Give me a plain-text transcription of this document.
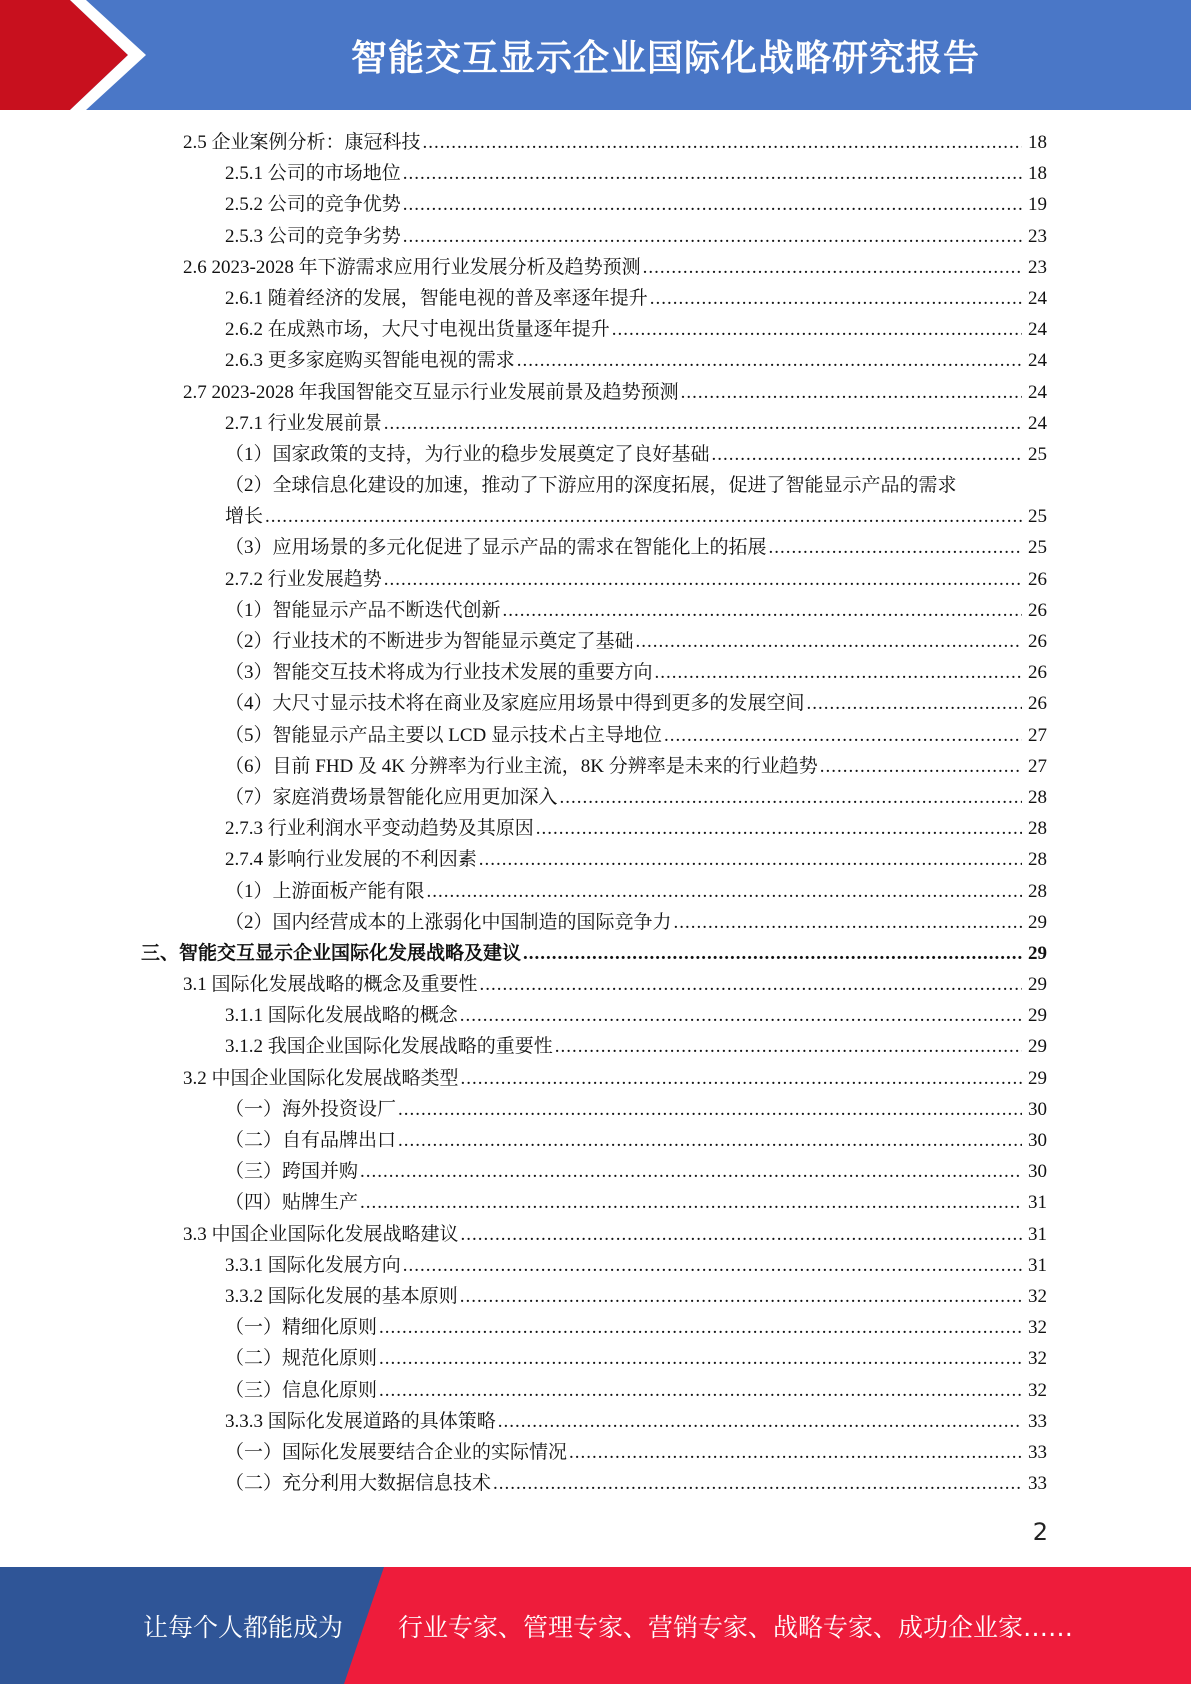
智能交互显示企业国际化战略研究报告
2.5 企业案例分析：康冠科技 .....	18
2.5.1 公司的市场地位 .....	18
2.5.2 公司的竞争优势 .....	19
2.5.3 公司的竞争劣势 .....	23
2.6 2023-2028 年下游需求应用行业发展分析及趋势预测 .....	23
2.6.1 随着经济的发展，智能电视的普及率逐年提升 .....	24
2.6.2 在成熟市场，大尺寸电视出货量逐年提升 .....	24
2.6.3 更多家庭购买智能电视的需求 .....	24
2.7 2023-2028 年我国智能交互显示行业发展前景及趋势预测 .....	24
2.7.1 行业发展前景 .....	24
（1）国家政策的支持，为行业的稳步发展奠定了良好基础 .....	25
（2）全球信息化建设的加速，推动了下游应用的深度拓展，促进了智能显示产品的需求
增长 .....	25
（3）应用场景的多元化促进了显示产品的需求在智能化上的拓展 .....	25
2.7.2 行业发展趋势 .....	26
（1）智能显示产品不断迭代创新 .....	26
（2）行业技术的不断进步为智能显示奠定了基础 .....	26
（3）智能交互技术将成为行业技术发展的重要方向 .....	26
（4）大尺寸显示技术将在商业及家庭应用场景中得到更多的发展空间 .....	26
（5）智能显示产品主要以 LCD 显示技术占主导地位 .....	27
（6）目前 FHD 及 4K 分辨率为行业主流，8K 分辨率是未来的行业趋势 .....	27
（7）家庭消费场景智能化应用更加深入 .....	28
2.7.3 行业利润水平变动趋势及其原因 .....	28
2.7.4 影响行业发展的不利因素 .....	28
（1）上游面板产能有限 .....	28
（2）国内经营成本的上涨弱化中国制造的国际竞争力 .....	29
三、智能交互显示企业国际化发展战略及建议 .....	29
3.1 国际化发展战略的概念及重要性 .....	29
3.1.1 国际化发展战略的概念 .....	29
3.1.2 我国企业国际化发展战略的重要性 .....	29
3.2 中国企业国际化发展战略类型 .....	29
（一）海外投资设厂 .....	30
（二）自有品牌出口 .....	30
（三）跨国并购 .....	30
（四）贴牌生产 .....	31
3.3 中国企业国际化发展战略建议 .....	31
3.3.1 国际化发展方向 .....	31
3.3.2 国际化发展的基本原则 .....	32
（一）精细化原则 .....	32
（二）规范化原则 .....	32
（三）信息化原则 .....	32
3.3.3 国际化发展道路的具体策略 .....	33
（一）国际化发展要结合企业的实际情况 .....	33
（二）充分利用大数据信息技术 .....	33
2
让每个人都能成为 行业专家、管理专家、营销专家、战略专家、成功企业家……
